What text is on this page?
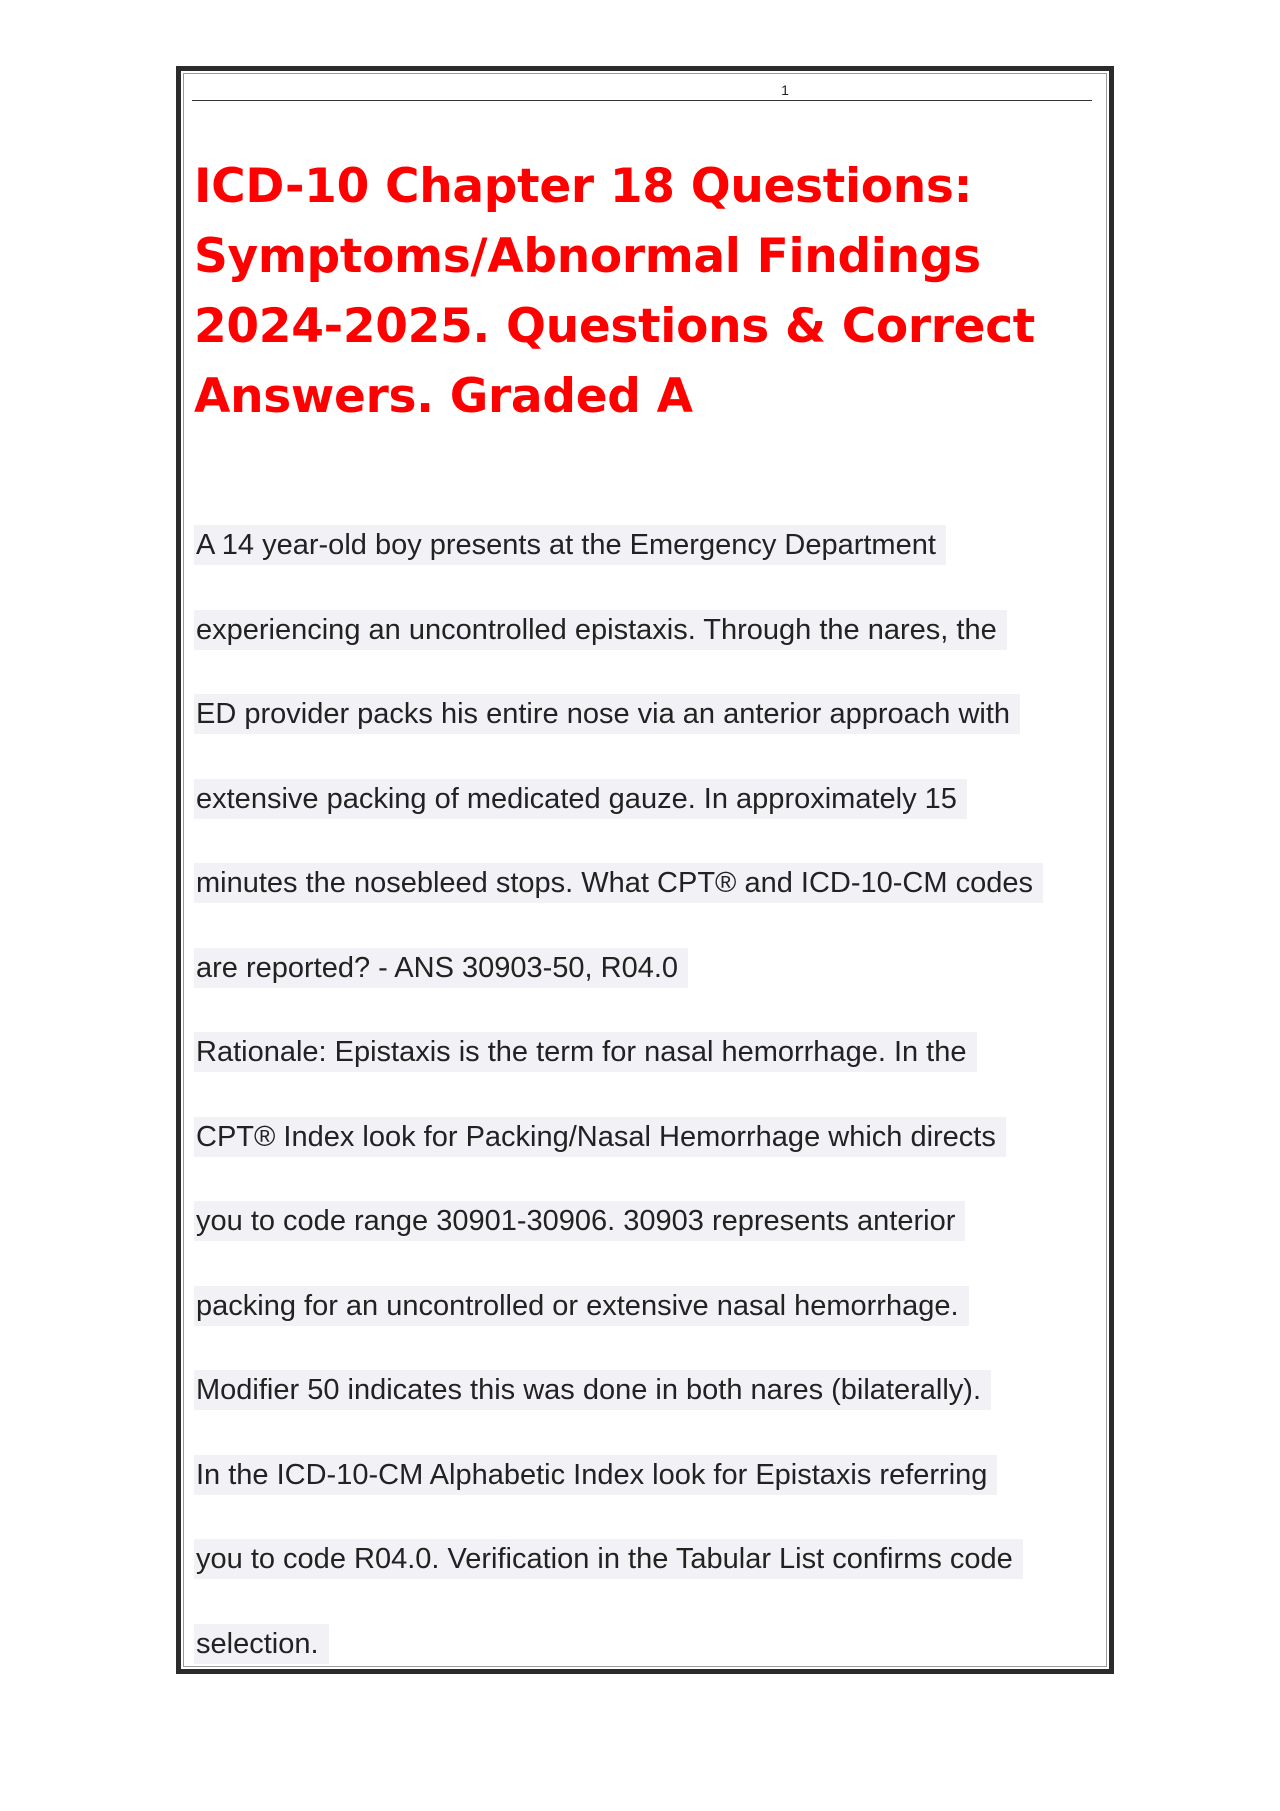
1
ICD-10 Chapter 18 Questions:
Symptoms/Abnormal Findings
2024-2025. Questions & Correct
Answers. Graded A
A 14 year-old boy presents at the Emergency Department
experiencing an uncontrolled epistaxis. Through the nares, the
ED provider packs his entire nose via an anterior approach with
extensive packing of medicated gauze. In approximately 15
minutes the nosebleed stops. What CPT® and ICD-10-CM codes
are reported? - ANS 30903-50, R04.0
Rationale: Epistaxis is the term for nasal hemorrhage. In the
CPT® Index look for Packing/Nasal Hemorrhage which directs
you to code range 30901-30906. 30903 represents anterior
packing for an uncontrolled or extensive nasal hemorrhage.
Modifier 50 indicates this was done in both nares (bilaterally).
In the ICD-10-CM Alphabetic Index look for Epistaxis referring
you to code R04.0. Verification in the Tabular List confirms code
selection.
